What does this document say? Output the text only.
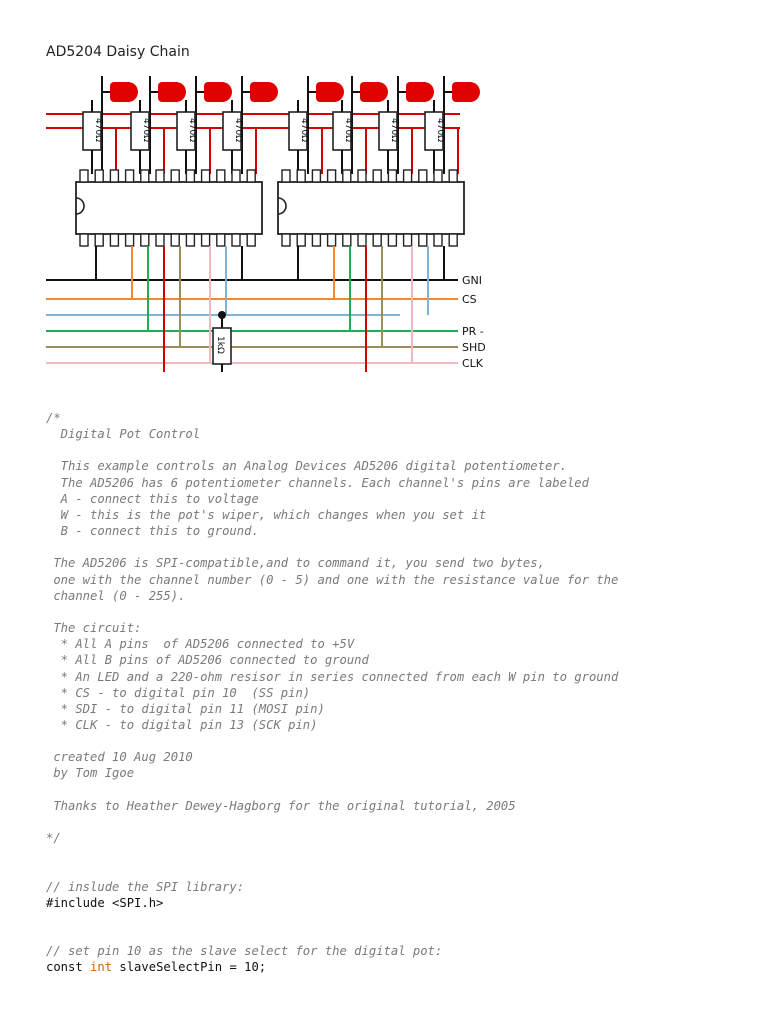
AD5204 Daisy Chain
470Ω	470Ω	470Ω	470Ω	470Ω	470Ω	470Ω	470Ω
1kΩ
GNI
CS
PR -
SHD
CLK
/*
Digital Pot Control

This example controls an Analog Devices AD5206 digital potentiometer.
The AD5206 has 6 potentiometer channels. Each channel's pins are labeled
A - connect this to voltage
W - this is the pot's wiper, which changes when you set it
B - connect this to ground.

The AD5206 is SPI-compatible,and to command it, you send two bytes,
one with the channel number (0 - 5) and one with the resistance value for the
channel (0 - 255).

The circuit:
* All A pins  of AD5206 connected to +5V
* All B pins of AD5206 connected to ground
* An LED and a 220-ohm resisor in series connected from each W pin to ground
* CS - to digital pin 10  (SS pin)
* SDI - to digital pin 11 (MOSI pin)
* CLK - to digital pin 13 (SCK pin)

created 10 Aug 2010
by Tom Igoe

Thanks to Heather Dewey-Hagborg for the original tutorial, 2005

*/
// inslude the SPI library:
#include <SPI.h>
// set pin 10 as the slave select for the digital pot:
const int slaveSelectPin = 10;
